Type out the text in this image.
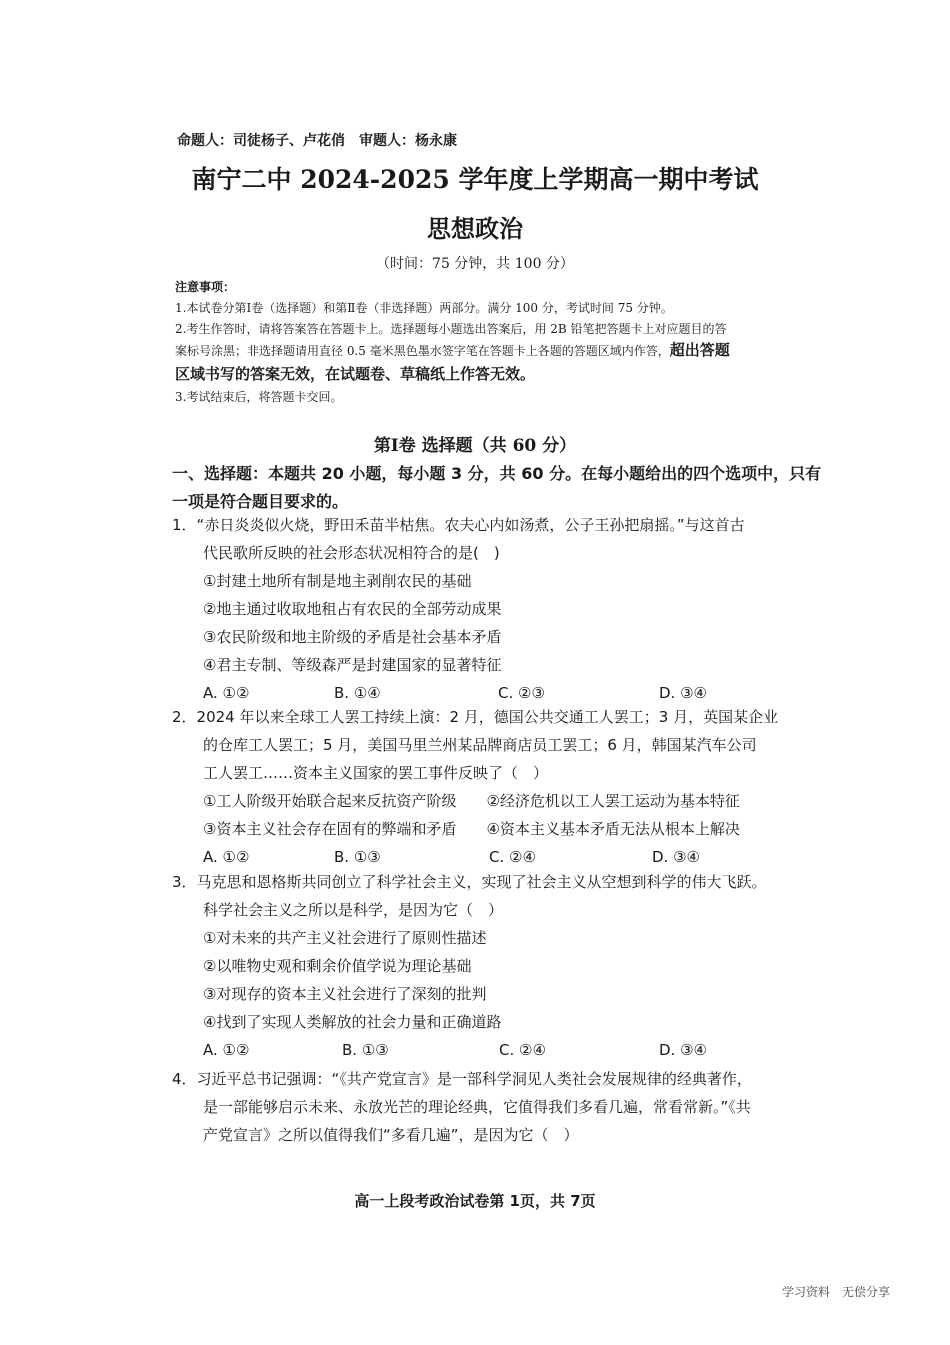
命题人：司徒杨子、卢花俏　审题人：杨永康
南宁二中 2024-2025 学年度上学期高一期中考试
思想政治
（时间：75 分钟，共 100 分）
注意事项：
1.本试卷分第Ⅰ卷（选择题）和第Ⅱ卷（非选择题）两部分。满分 100 分，考试时间 75 分钟。
2.考生作答时，请将答案答在答题卡上。选择题每小题选出答案后，用 2B 铅笔把答题卡上对应题目的答
案标号涂黑；非选择题请用直径 0.5 毫米黑色墨水签字笔在答题卡上各题的答题区域内作答，超出答题
区域书写的答案无效，在试题卷、草稿纸上作答无效。
3.考试结束后，将答题卡交回。
第Ⅰ卷 选择题（共 60 分）
一、选择题：本题共 20 小题，每小题 3 分，共 60 分。在每小题给出的四个选项中，只有
一项是符合题目要求的。
1．“赤日炎炎似火烧，野田禾苗半枯焦。农夫心内如汤煮，公子王孙把扇摇。”与这首古
代民歌所反映的社会形态状况相符合的是(　)
①封建土地所有制是地主剥削农民的基础
②地主通过收取地租占有农民的全部劳动成果
③农民阶级和地主阶级的矛盾是社会基本矛盾
④君主专制、等级森严是封建国家的显著特征
A. ①②	B. ①④	C. ②③	D. ③④
2．2024 年以来全球工人罢工持续上演：2 月，德国公共交通工人罢工；3 月，英国某企业
的仓库工人罢工；5 月，美国马里兰州某品牌商店员工罢工；6 月，韩国某汽车公司
工人罢工……资本主义国家的罢工事件反映了（　）
①工人阶级开始联合起来反抗资产阶级　　②经济危机以工人罢工运动为基本特征
③资本主义社会存在固有的弊端和矛盾　　④资本主义基本矛盾无法从根本上解决
A. ①②	B. ①③	C. ②④	D. ③④
3．马克思和恩格斯共同创立了科学社会主义，实现了社会主义从空想到科学的伟大飞跃。
科学社会主义之所以是科学，是因为它（　）
①对未来的共产主义社会进行了原则性描述
②以唯物史观和剩余价值学说为理论基础
③对现存的资本主义社会进行了深刻的批判
④找到了实现人类解放的社会力量和正确道路
A. ①②	B. ①③	C. ②④	D. ③④
4．习近平总书记强调：“《共产党宣言》是一部科学洞见人类社会发展规律的经典著作，
是一部能够启示未来、永放光芒的理论经典，它值得我们多看几遍，常看常新。”《共
产党宣言》之所以值得我们“多看几遍”，是因为它（　）
高一上段考政治试卷第 1页，共 7页
学习资料　无偿分享
